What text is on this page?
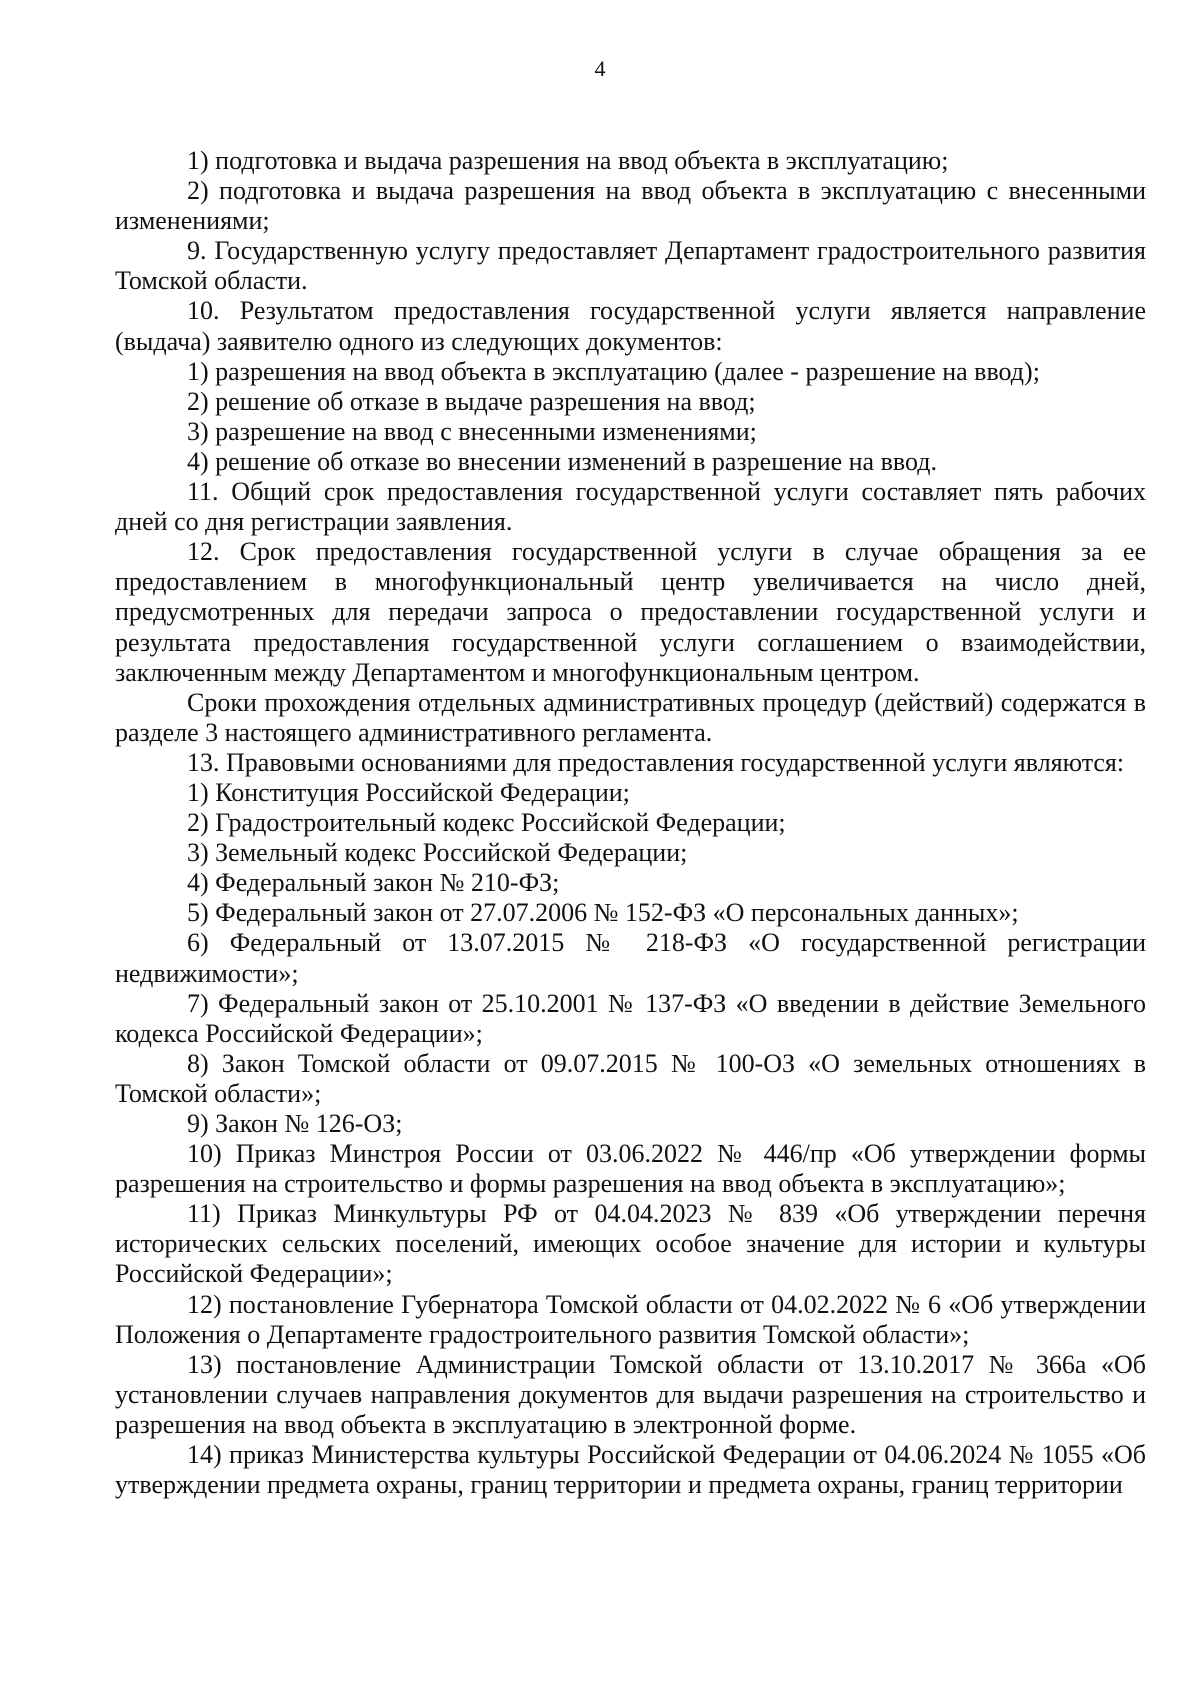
4

1) подготовка и выдача разрешения на ввод объекта в эксплуатацию;

2) подготовка и выдача разрешения на ввод объекта в эксплуатацию с внесенными изменениями;

9. Государственную услугу предоставляет Департамент градостроительного развития Томской области.

10. Результатом предоставления государственной услуги является направление (выдача) заявителю одного из следующих документов:

1) разрешения на ввод объекта в эксплуатацию (далее - разрешение на ввод);

2) решение об отказе в выдаче разрешения на ввод;

3) разрешение на ввод с внесенными изменениями;

4) решение об отказе во внесении изменений в разрешение на ввод.

11. Общий срок предоставления государственной услуги составляет пять рабочих дней со дня регистрации заявления.

12. Срок предоставления государственной услуги в случае обращения за ее предоставлением в многофункциональный центр увеличивается на число дней, предусмотренных для передачи запроса о предоставлении государственной услуги и результата предоставления государственной услуги соглашением о взаимодействии, заключенным между Департаментом и многофункциональным центром.

Сроки прохождения отдельных административных процедур (действий) содержатся в разделе 3 настоящего административного регламента.

13. Правовыми основаниями для предоставления государственной услуги являются:

1) Конституция Российской Федерации;

2) Градостроительный кодекс Российской Федерации;

3) Земельный кодекс Российской Федерации;

4) Федеральный закон № 210-ФЗ;

5) Федеральный закон от 27.07.2006 № 152-ФЗ «О персональных данных»;

6) Федеральный от 13.07.2015 № 218-ФЗ «О государственной регистрации недвижимости»;

7) Федеральный закон от 25.10.2001 № 137-ФЗ «О введении в действие Земельного кодекса Российской Федерации»;

8) Закон Томской области от 09.07.2015 № 100-ОЗ «О земельных отношениях в Томской области»;

9) Закон № 126-ОЗ;

10) Приказ Минстроя России от 03.06.2022 № 446/пр «Об утверждении формы разрешения на строительство и формы разрешения на ввод объекта в эксплуатацию»;

11) Приказ Минкультуры РФ от 04.04.2023 № 839 «Об утверждении перечня исторических сельских поселений, имеющих особое значение для истории и культуры Российской Федерации»;

12) постановление Губернатора Томской области от 04.02.2022 № 6 «Об утверждении Положения о Департаменте градостроительного развития Томской области»;

13) постановление Администрации Томской области от 13.10.2017 № 366а «Об установлении случаев направления документов для выдачи разрешения на строительство и разрешения на ввод объекта в эксплуатацию в электронной форме.

14) приказ Министерства культуры Российской Федерации от 04.06.2024 № 1055 «Об утверждении предмета охраны, границ территории и предмета охраны, границ территории
